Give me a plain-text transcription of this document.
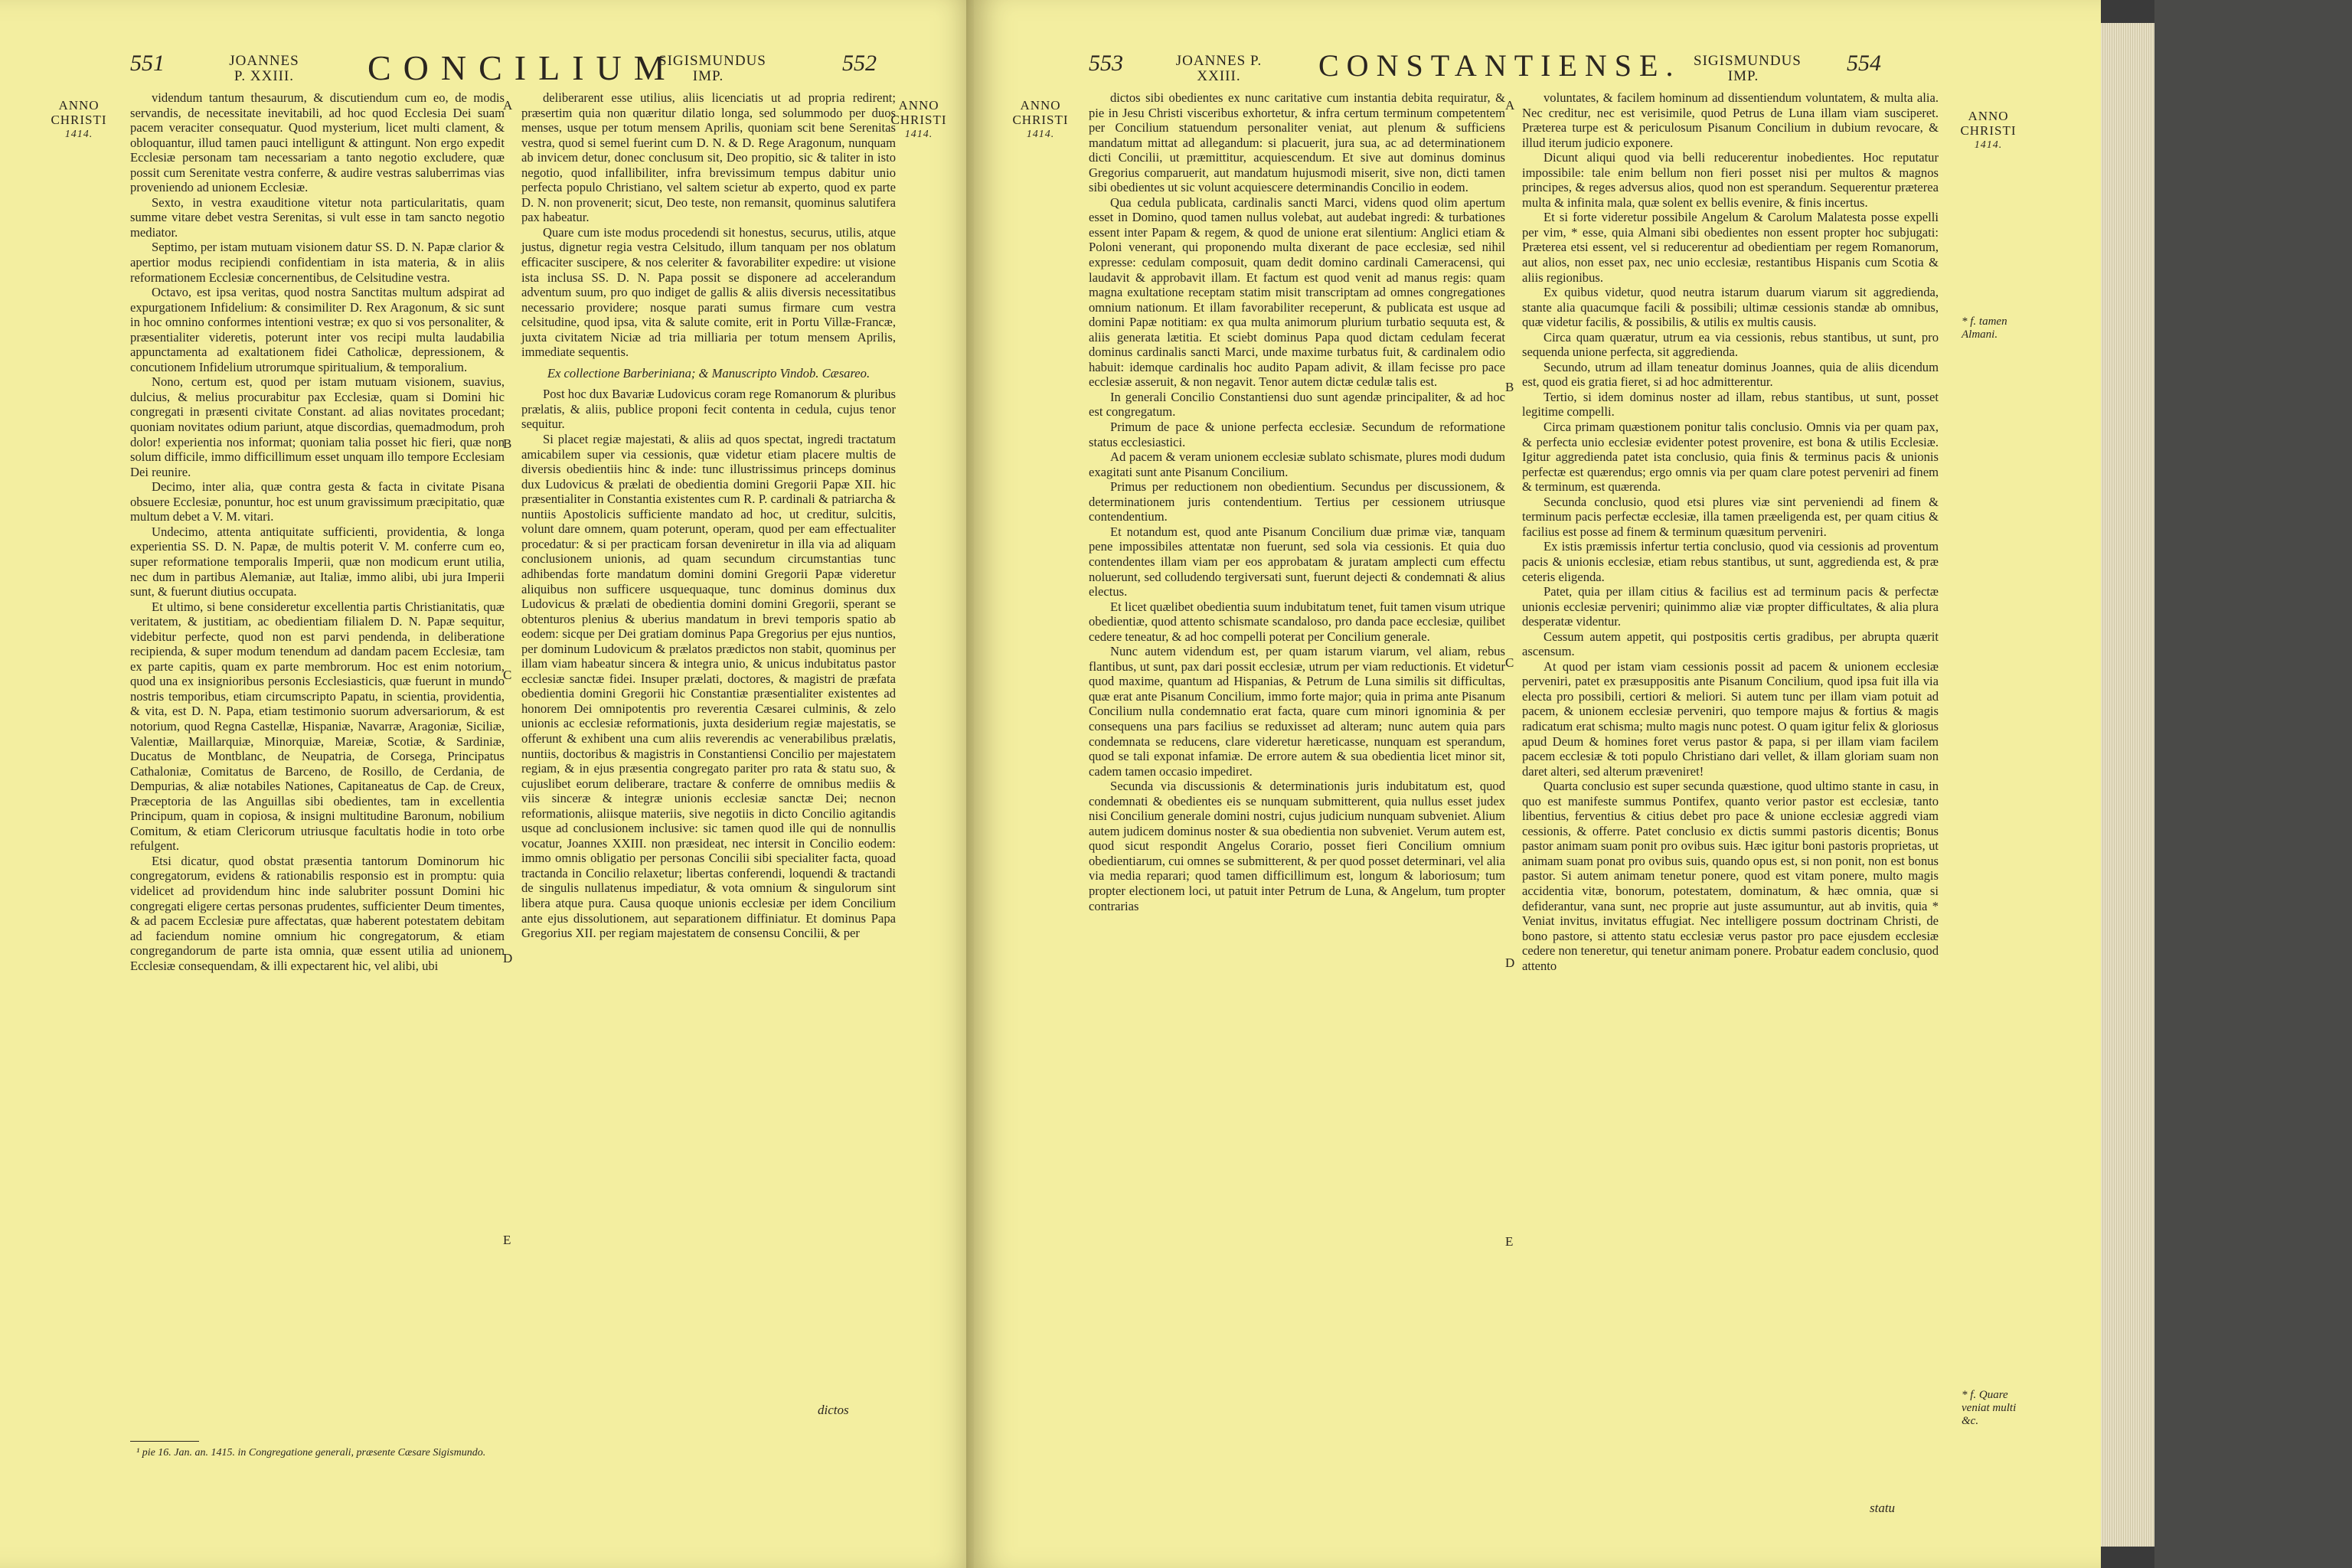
551	JOANNES P. XXIII.	CONCILIUM
SIGISMUNDUS IMP.
552
ANNO
CHRISTI
1414.
ANNO
CHRISTI
1414.

videndum tantum thesaurum, & discutiendum cum eo, de modis servandis, de necessitate inevitabili, ad hoc quod Ecclesia Dei suam pacem veraciter consequatur. Quod mysterium, licet multi clament, & obloquantur, illud tamen pauci intelligunt & attingunt. Non ergo expedit Ecclesiæ personam tam necessariam a tanto negotio excludere, quæ possit cum Serenitate vestra conferre, & audire vestras saluberrimas vias proveniendo ad unionem Ecclesiæ.

Sexto, in vestra exauditione vitetur nota particularitatis, quam summe vitare debet vestra Serenitas, si vult esse in tam sancto negotio mediator.

Septimo, per istam mutuam visionem datur SS. D. N. Papæ clarior & apertior modus recipiendi confidentiam in ista materia, & in aliis reformationem Ecclesiæ concernentibus, de Celsitudine vestra.

Octavo, est ipsa veritas, quod nostra Sanctitas multum adspirat ad expurgationem Infidelium: & consimiliter D. Rex Aragonum, & sic sunt in hoc omnino conformes intentioni vestræ; ex quo si vos personaliter, & præsentialiter videretis, poterunt inter vos recipi multa laudabilia appunctamenta ad exaltationem fidei Catholicæ, depressionem, & concutionem Infidelium utrorumque spiritualium, & temporalium.

Nono, certum est, quod per istam mutuam visionem, suavius, dulcius, & melius procurabitur pax Ecclesiæ, quam si Domini hic congregati in præsenti civitate Constant. ad alias novitates procedant; quoniam novitates odium pariunt, atque discordias, quemadmodum, proh dolor! experientia nos informat; quoniam talia posset hic fieri, quæ non solum difficile, immo difficillimum esset unquam illo tempore Ecclesiam Dei reunire.

Decimo, inter alia, quæ contra gesta & facta in civitate Pisana obsuere Ecclesiæ, ponuntur, hoc est unum gravissimum præcipitatio, quæ multum debet a V. M. vitari.

Undecimo, attenta antiquitate sufficienti, providentia, & longa experientia SS. D. N. Papæ, de multis poterit V. M. conferre cum eo, super reformatione temporalis Imperii, quæ non modicum erunt utilia, nec dum in partibus Alemaniæ, aut Italiæ, immo alibi, ubi jura Imperii sunt, & fuerunt diutius occupata.

Et ultimo, si bene consideretur excellentia partis Christianitatis, quæ veritatem, & justitiam, ac obedientiam filialem D. N. Papæ sequitur, videbitur perfecte, quod non est parvi pendenda, in deliberatione recipienda, & super modum tenendum ad dandam pacem Ecclesiæ, tam ex parte capitis, quam ex parte membrorum. Hoc est enim notorium, quod una ex insignioribus personis Ecclesiasticis, quæ fuerunt in mundo nostris temporibus, etiam circumscripto Papatu, in scientia, providentia, & vita, est D. N. Papa, etiam testimonio suorum adversariorum, & est notorium, quod Regna Castellæ, Hispaniæ, Navarræ, Aragoniæ, Siciliæ, Valentiæ, Maillarquiæ, Minorquiæ, Mareiæ, Scotiæ, & Sardiniæ, Ducatus de Montblanc, de Neupatria, de Corsega, Principatus Cathaloniæ, Comitatus de Barceno, de Rosillo, de Cerdania, de Dempurias, & aliæ notabiles Nationes, Capitaneatus de Cap. de Creux, Præceptoria de las Anguillas sibi obedientes, tam in excellentia Principum, quam in copiosa, & insigni multitudine Baronum, nobilium Comitum, & etiam Clericorum utriusque facultatis hodie in toto orbe refulgent.

Etsi dicatur, quod obstat præsentia tantorum Dominorum hic congregatorum, evidens & rationabilis responsio est in promptu: quia videlicet ad providendum hinc inde salubriter possunt Domini hic congregati eligere certas personas prudentes, sufficienter Deum timentes, & ad pacem Ecclesiæ pure affectatas, quæ haberent potestatem debitam ad faciendum nomine omnium hic congregatorum, & etiam congregandorum de parte ista omnia, quæ essent utilia ad unionem Ecclesiæ consequendam, & illi expectarent hic, vel alibi, ubi

deliberarent esse utilius, aliis licenciatis ut ad propria redirent; præsertim quia non quæritur dilatio longa, sed solummodo per duos menses, usque per totum mensem Aprilis, quoniam scit bene Serenitas vestra, quod si semel fuerint cum D. N. & D. Rege Aragonum, nunquam ab invicem detur, donec conclusum sit, Deo propitio, sic & taliter in isto negotio, quod infallibiliter, infra brevissimum tempus dabitur unio perfecta populo Christiano, vel saltem scietur ab experto, quod ex parte D. N. non provenerit; sicut, Deo teste, non remansit, quominus salutifera pax habeatur.

Quare cum iste modus procedendi sit honestus, securus, utilis, atque justus, dignetur regia vestra Celsitudo, illum tanquam per nos oblatum efficaciter suscipere, & nos celeriter & favorabiliter expedire: ut visione ista inclusa SS. D. N. Papa possit se disponere ad accelerandum adventum suum, pro quo indiget de gallis & aliis diversis necessitatibus necessario providere; nosque parati sumus firmare cum vestra celsitudine, quod ipsa, vita & salute comite, erit in Portu Villæ-Francæ, juxta civitatem Niciæ ad tria milliaria per totum mensem Aprilis, immediate sequentis.

Ex collectione Barberiniana; & Manuscripto Vindob. Cæsareo.

Post hoc dux Bavariæ Ludovicus coram rege Romanorum & pluribus prælatis, & aliis, publice proponi fecit contenta in cedula, cujus tenor sequitur.

Si placet regiæ majestati, & aliis ad quos spectat, ingredi tractatum amicabilem super via cessionis, quæ videtur etiam placere multis de diversis obedientiis hinc & inde: tunc illustrissimus princeps dominus dux Ludovicus & prælati de obedientia domini Gregorii Papæ XII. hic præsentialiter in Constantia existentes cum R. P. cardinali & patriarcha & nuntiis Apostolicis sufficiente mandato ad hoc, ut creditur, sulcitis, volunt dare omnem, quam poterunt, operam, quod per eam effectualiter procedatur: & si per practicam forsan deveniretur in illa via ad aliquam conclusionem unionis, ad quam secundum circumstantias tunc adhibendas forte mandatum domini domini Gregorii Papæ videretur aliquibus non sufficere usquequaque, tunc dominus dominus dux Ludovicus & prælati de obedientia domini domini Gregorii, sperant se obtenturos plenius & uberius mandatum in brevi temporis spatio ab eodem: sicque per Dei gratiam dominus Papa Gregorius per ejus nuntios, per dominum Ludovicum & prælatos prædictos non stabit, quominus per illam viam habeatur sincera & integra unio, & unicus indubitatus pastor ecclesiæ sanctæ fidei. Insuper prælati, doctores, & magistri de præfata obedientia domini Gregorii hic Constantiæ præsentialiter existentes ad honorem Dei omnipotentis pro reverentia Cæsarei culminis, & zelo unionis ac ecclesiæ reformationis, juxta desiderium regiæ majestatis, se offerunt & exhibent una cum aliis reverendis ac venerabilibus prælatis, nuntiis, doctoribus & magistris in Constantiensi Concilio per majestatem regiam, & in ejus præsentia congregato pariter pro rata & statu suo, & cujuslibet eorum deliberare, tractare & conferre de omnibus mediis & viis sinceræ & integræ unionis ecclesiæ sanctæ Dei; necnon reformationis, aliisque materiis, sive negotiis in dicto Concilio agitandis usque ad conclusionem inclusive: sic tamen quod ille qui de nonnullis vocatur, Joannes XXIII. non præsideat, nec intersit in Concilio eodem: immo omnis obligatio per personas Concilii sibi specialiter facta, quoad tractanda in Concilio relaxetur; libertas conferendi, loquendi & tractandi de singulis nullatenus impediatur, & vota omnium & singulorum sint libera atque pura. Causa quoque unionis ecclesiæ per idem Concilium ante ejus dissolutionem, aut separationem diffiniatur. Et dominus Papa Gregorius XII. per regiam majestatem de consensu Concilii, & per

A
B
C
D
E
dictos
¹ pie 16. Jan. an. 1415. in Congregatione generali, præsente Cæsare Sigismundo.
553	JOANNES P. XXIII.	CONSTANTIENSE. SIGISMUNDUS IMP.
554
ANNO
CHRISTI
1414.
ANNO
CHRISTI
1414.
* f. tamen Almani.
* f. Quare veniat multi &c.

dictos sibi obedientes ex nunc caritative cum instantia debita requiratur, & pie in Jesu Christi visceribus exhortetur, & infra certum terminum competentem per Concilium statuendum personaliter veniat, aut plenum & sufficiens mandatum mittat ad allegandum: si placuerit, jura sua, ac ad determinationem dicti Concilii, ut præmittitur, acquiescendum. Et sive aut dominus dominus Gregorius comparuerit, aut mandatum hujusmodi miserit, sive non, dicti tamen sibi obedientes ut sic volunt acquiescere determinandis Concilio in eodem.

Qua cedula publicata, cardinalis sancti Marci, videns quod olim apertum esset in Domino, quod tamen nullus volebat, aut audebat ingredi: & turbationes essent inter Papam & regem, & quod de unione erat silentium: Anglici etiam & Poloni venerant, qui proponendo multa dixerant de pace ecclesiæ, sed nihil expresse: cedulam composuit, quam dedit domino cardinali Cameracensi, qui laudavit & approbavit illam. Et factum est quod venit ad manus regis: quam magna exultatione receptam statim misit transcriptam ad omnes congregationes omnium nationum. Et illam favorabiliter receperunt, & publicata est usque ad domini Papæ notitiam: ex qua multa animorum plurium turbatio sequuta est, & aliis generata lætitia. Et sciebt dominus Papa quod dictam cedulam fecerat dominus cardinalis sancti Marci, unde maxime turbatus fuit, & cardinalem odio habuit: idemque cardinalis hoc audito Papam adivit, & illam fecisse pro pace ecclesiæ asseruit, & non negavit. Tenor autem dictæ cedulæ talis est.

In generali Concilio Constantiensi duo sunt agendæ principaliter, & ad hoc est congregatum.

Primum de pace & unione perfecta ecclesiæ. Secundum de reformatione status ecclesiastici.

Ad pacem & veram unionem ecclesiæ sublato schismate, plures modi dudum exagitati sunt ante Pisanum Concilium.

Primus per reductionem non obedientium. Secundus per discussionem, & determinationem juris contendentium. Tertius per cessionem utriusque contendentium.

Et notandum est, quod ante Pisanum Concilium duæ primæ viæ, tanquam pene impossibiles attentatæ non fuerunt, sed sola via cessionis. Et quia duo contendentes illam viam per eos approbatam & juratam amplecti cum effectu noluerunt, sed colludendo tergiversati sunt, fuerunt dejecti & condemnati & alius electus.

Et licet quælibet obedientia suum indubitatum tenet, fuit tamen visum utrique obedientiæ, quod attento schismate scandaloso, pro danda pace ecclesiæ, quilibet cedere teneatur, & ad hoc compelli poterat per Concilium generale.

Nunc autem videndum est, per quam istarum viarum, vel aliam, rebus flantibus, ut sunt, pax dari possit ecclesiæ, utrum per viam reductionis. Et videtur quod maxime, quantum ad Hispanias, & Petrum de Luna similis sit difficultas, quæ erat ante Pisanum Concilium, immo forte major; quia in prima ante Pisanum Concilium nulla condemnatio erat facta, quare cum minori ignominia & per consequens una pars facilius se reduxisset ad alteram; nunc autem quia pars condemnata se reducens, clare videretur hæreticasse, nunquam est sperandum, quod se tali exponat infamiæ. De errore autem & sua obedientia licet minor sit, cadem tamen occasio impediret.

Secunda via discussionis & determinationis juris indubitatum est, quod condemnati & obedientes eis se nunquam submitterent, quia nullus esset judex nisi Concilium generale domini nostri, cujus judicium nunquam subveniet. Alium autem judicem dominus noster & sua obedientia non subveniet. Verum autem est, quod sicut respondit Angelus Corario, posset fieri Concilium omnium obedientiarum, cui omnes se submitterent, & per quod posset determinari, vel alia via media reparari; quod tamen difficillimum est, longum & laboriosum; tum propter electionem loci, ut patuit inter Petrum de Luna, & Angelum, tum propter contrarias

voluntates, & facilem hominum ad dissentiendum voluntatem, & multa alia. Nec creditur, nec est verisimile, quod Petrus de Luna illam viam susciperet. Præterea turpe est & periculosum Pisanum Concilium in dubium revocare, & illud iterum judicio exponere.

Dicunt aliqui quod via belli reducerentur inobedientes. Hoc reputatur impossibile: tale enim bellum non fieri posset nisi per multos & magnos principes, & reges adversus alios, quod non est sperandum. Sequerentur præterea multa & infinita mala, quæ solent ex bellis evenire, & finis incertus.

Et si forte videretur possibile Angelum & Carolum Malatesta posse expelli per vim, * esse, quia Almani sibi obedientes non essent propter hoc subjugati: Præterea etsi essent, vel si reducerentur ad obedientiam per regem Romanorum, aut alios, non esset pax, nec unio ecclesiæ, restantibus Hispanis cum Scotia & aliis regionibus.

Ex quibus videtur, quod neutra istarum duarum viarum sit aggredienda, stante alia quacumque facili & possibili; ultimæ cessionis standæ ab omnibus, quæ videtur facilis, & possibilis, & utilis ex multis causis.

Circa quam quæratur, utrum ea via cessionis, rebus stantibus, ut sunt, pro sequenda unione perfecta, sit aggredienda.

Secundo, utrum ad illam teneatur dominus Joannes, quia de aliis dicendum est, quod eis gratia fieret, si ad hoc admitterentur.

Tertio, si idem dominus noster ad illam, rebus stantibus, ut sunt, posset legitime compelli.

Circa primam quæstionem ponitur talis conclusio. Omnis via per quam pax, & perfecta unio ecclesiæ evidenter potest provenire, est bona & utilis Ecclesiæ. Igitur aggredienda patet ista conclusio, quia finis & terminus pacis & unionis perfectæ est quærendus; ergo omnis via per quam clare potest perveniri ad finem & terminum, est quærenda.

Secunda conclusio, quod etsi plures viæ sint perveniendi ad finem & terminum pacis perfectæ ecclesiæ, illa tamen præeligenda est, per quam citius & facilius est posse ad finem & terminum quæsitum perveniri.

Ex istis præmissis infertur tertia conclusio, quod via cessionis ad proventum pacis & unionis ecclesiæ, etiam rebus stantibus, ut sunt, aggredienda est, & præ ceteris eligenda.

Patet, quia per illam citius & facilius est ad terminum pacis & perfectæ unionis ecclesiæ perveniri; quinimmo aliæ viæ propter difficultates, & alia plura desperatæ videntur.

Cessum autem appetit, qui postpositis certis gradibus, per abrupta quærit ascensum.

At quod per istam viam cessionis possit ad pacem & unionem ecclesiæ perveniri, patet ex præsuppositis ante Pisanum Concilium, quod ipsa fuit illa via electa pro possibili, certiori & meliori. Si autem tunc per illam viam potuit ad pacem, & unionem ecclesiæ perveniri, quo tempore majus & fortius & magis radicatum erat schisma; multo magis nunc potest. O quam igitur felix & gloriosus apud Deum & homines foret verus pastor & papa, si per illam viam facilem pacem ecclesiæ & toti populo Christiano dari vellet, & illam gloriam suam non daret alteri, sed alterum præveniret!

Quarta conclusio est super secunda quæstione, quod ultimo stante in casu, in quo est manifeste summus Pontifex, quanto verior pastor est ecclesiæ, tanto libentius, ferventius & citius debet pro pace & unione ecclesiæ aggredi viam cessionis, & offerre. Patet conclusio ex dictis summi pastoris dicentis; Bonus pastor animam suam ponit pro ovibus suis. Hæc igitur boni pastoris proprietas, ut animam suam ponat pro ovibus suis, quando opus est, si non ponit, non est bonus pastor. Si autem animam tenetur ponere, quod est vitam ponere, multo magis accidentia vitæ, bonorum, potestatem, dominatum, & hæc omnia, quæ si defiderantur, vana sunt, nec proprie aut juste assumuntur, aut ab invitis, quia * Veniat invitus, invitatus effugiat. Nec intelligere possum doctrinam Christi, de bono pastore, si attento statu ecclesiæ verus pastor pro pace ejusdem ecclesiæ cedere non teneretur, qui tenetur animam ponere. Probatur eadem conclusio, quod attento

A
B
C
D
E
statu
